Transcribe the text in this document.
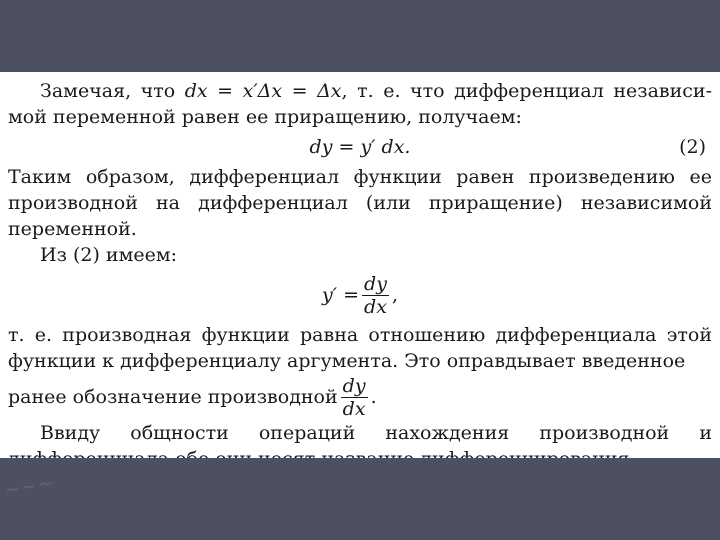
Замечая, что dx = x′Δx = Δx, т. е. что дифференциал независи- мой переменной равен ее приращению, получаем:

dy = y′ dx.	(2)

Таким образом, дифференциал функции равен произведению ее производной на дифференциал (или приращение) независимой переменной.

Из (2) имеем:

$y' = \frac{dy}{dx}$ ,

т. е. производная функции равна отношению дифференциала этой функции к дифференциалу аргумента. Это оправдывает введенное

ранее обозначение производной $\frac{dy}{dx}$ .

Ввиду общности операций нахождения производной и

~~~
